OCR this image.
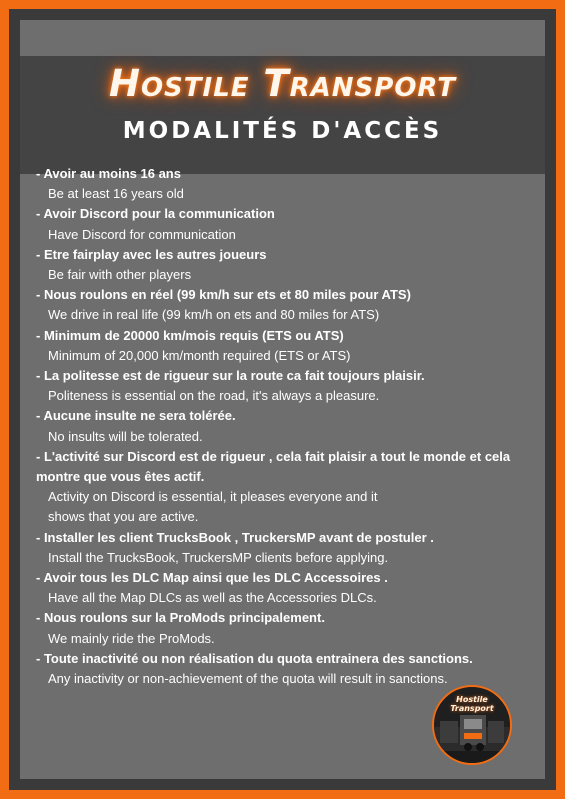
Hostile Transport
MODALITÉS D'ACCÈS
- Avoir au moins 16 ans
Be at least 16 years old
- Avoir Discord pour la communication
Have Discord for communication
- Etre fairplay avec les autres joueurs
Be fair with other players
- Nous roulons en réel (99 km/h sur ets et 80 miles pour ATS)
We drive in real life (99 km/h on ets and 80 miles for ATS)
- Minimum de 20000 km/mois requis (ETS ou ATS)
Minimum of 20,000 km/month required (ETS or ATS)
- La politesse est de rigueur sur la route ca fait toujours plaisir.
Politeness is essential on the road, it's always a pleasure.
- Aucune insulte ne sera tolérée.
No insults will be tolerated.
- L'activité sur Discord est de rigueur , cela fait plaisir a tout le monde et cela montre que vous êtes actif.
Activity on Discord is essential, it pleases everyone and it shows that you are active.
- Installer les client TrucksBook , TruckersMP avant de postuler .
Install the TrucksBook, TruckersMP clients before applying.
- Avoir tous les DLC Map ainsi que les DLC Accessoires .
Have all the Map DLCs as well as the Accessories DLCs.
- Nous roulons sur la ProMods principalement.
We mainly ride the ProMods.
- Toute inactivité ou non réalisation du quota entrainera des sanctions.
Any inactivity or non-achievement of the quota will result in sanctions.
Hostile
Transport
